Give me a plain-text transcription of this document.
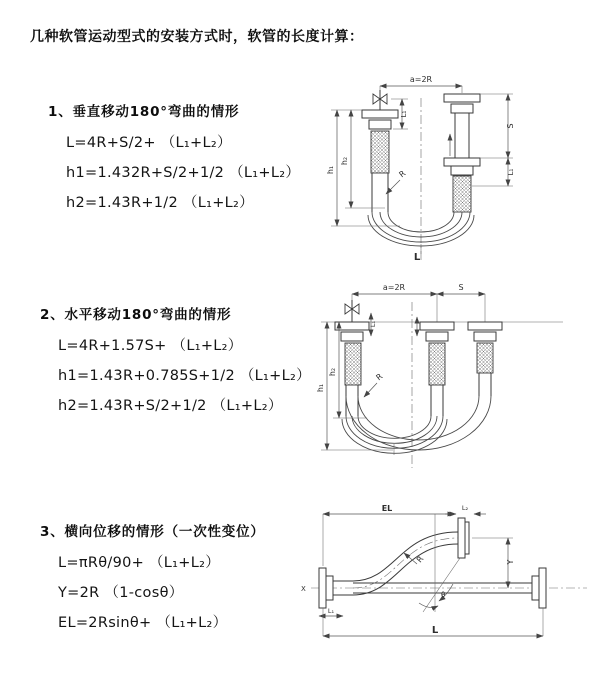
几种软管运动型式的安装方式时，软管的长度计算：
1、垂直移动180°弯曲的情形
L=4R+S/2+ （L₁+L₂）
h1=1.432R+S/2+1/2 （L₁+L₂）
h2=1.43R+1/2 （L₁+L₂）
2、水平移动180°弯曲的情形
L=4R+1.57S+ （L₁+L₂）
h1=1.43R+0.785S+1/2 （L₁+L₂）
h2=1.43R+S/2+1/2 （L₁+L₂）
3、横向位移的情形（一次性变位）
L=πRθ/90+ （L₁+L₂）
Y=2R （1-cosθ）
EL=2Rsinθ+ （L₁+L₂）
a=2R
h₁
h₂
L₁
S
L₁
R
L
a=2R	S
h₁
h₂
L₁
R
X
EL	L₂
Y
R
θ
L₁
L
